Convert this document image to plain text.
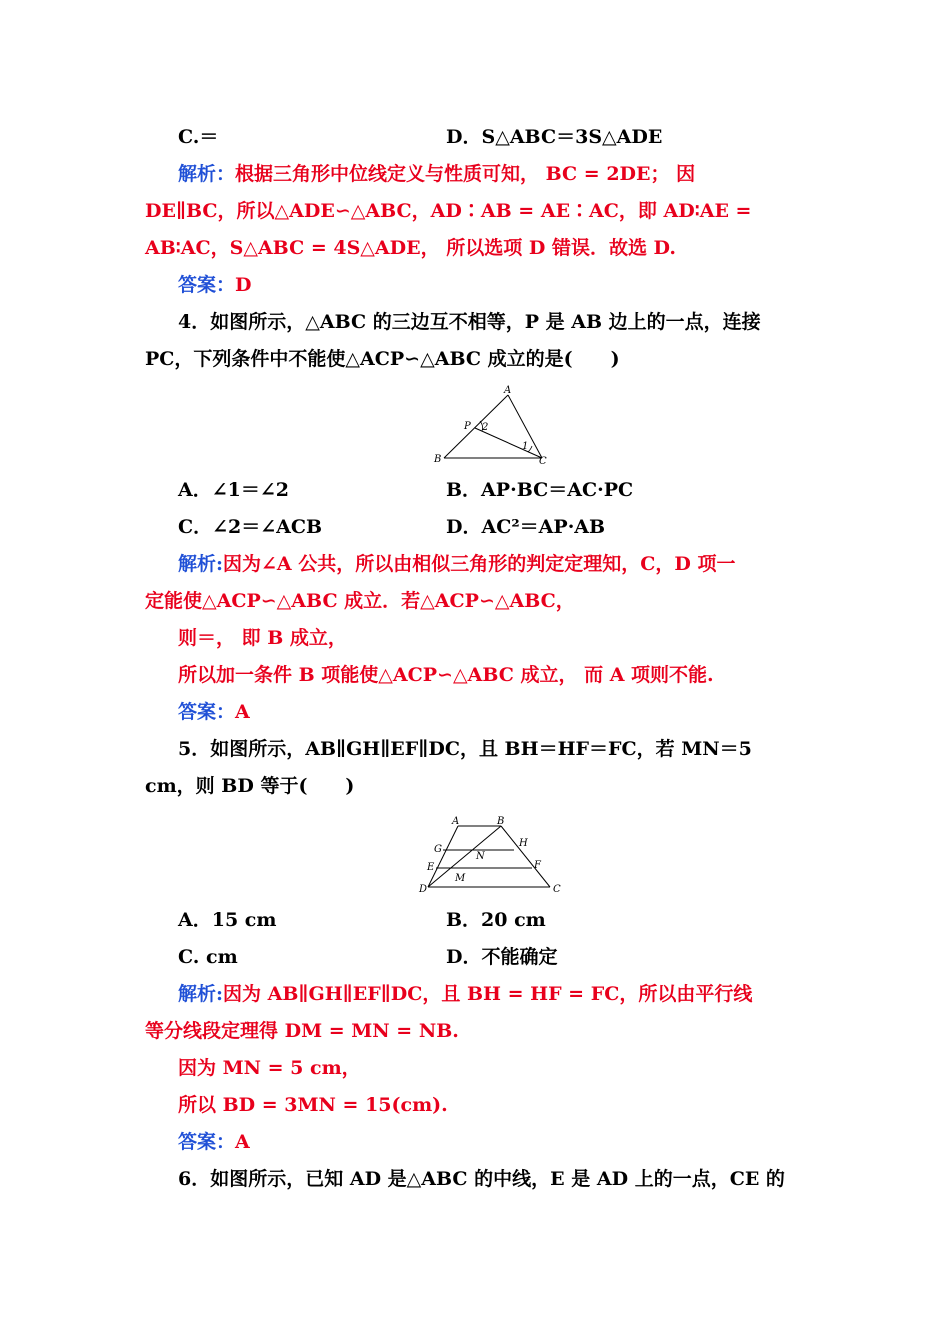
C.＝	D．S△ABC＝3S△ADE
解析：根据三角形中位线定义与性质可知， BC = 2DE； 因
DE∥BC，所以△ADE∽△ABC，AD∶AB = AE∶AC，即 AD∶AE =
AB∶AC，S△ABC = 4S△ADE， 所以选项 D 错误．故选 D.
答案：D
4．如图所示，△ABC 的三边互不相等，P 是 AB 边上的一点，连接
PC，下列条件中不能使△ACP∽△ABC 成立的是(　　)
A
B	C
P
1
2
A．∠1＝∠2	B．AP·BC＝AC·PC
C．∠2＝∠ACB	D．AC²＝AP·AB
解析:因为∠A 公共，所以由相似三角形的判定定理知，C，D 项一
定能使△ACP∽△ABC 成立．若△ACP∽△ABC，
则＝， 即 B 成立，
所以加一条件 B 项能使△ACP∽△ABC 成立， 而 A 项则不能.
答案：A
5．如图所示，AB∥GH∥EF∥DC，且 BH＝HF＝FC，若 MN＝5
cm，则 BD 等于(　　)
A	B
G
H
N
E	F
M
D	C
A．15 cm	B．20 cm
C. cm	D．不能确定
解析:因为 AB∥GH∥EF∥DC，且 BH = HF = FC，所以由平行线
等分线段定理得 DM = MN = NB.
因为 MN = 5 cm，
所以 BD = 3MN = 15(cm).
答案：A
6．如图所示，已知 AD 是△ABC 的中线，E 是 AD 上的一点，CE 的
